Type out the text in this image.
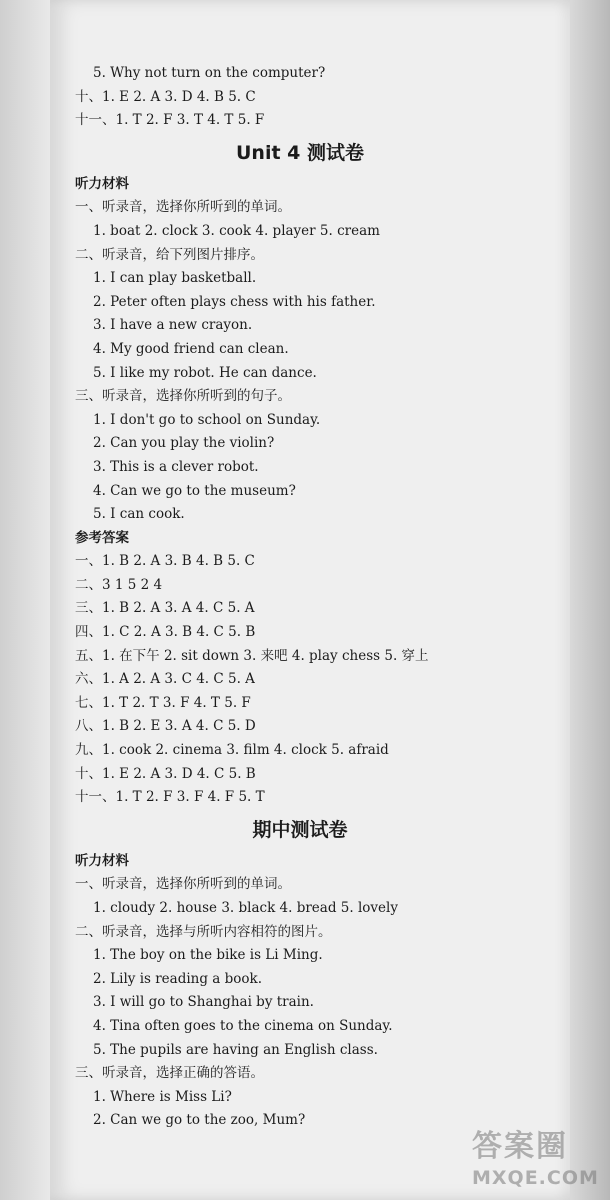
5. Why not turn on the computer?
十、1. E 2. A 3. D 4. B 5. C
十一、1. T 2. F 3. T 4. T 5. F
Unit 4 测试卷
听力材料
一、听录音，选择你所听到的单词。
1. boat 2. clock 3. cook 4. player 5. cream
二、听录音，给下列图片排序。
1. I can play basketball.
2. Peter often plays chess with his father.
3. I have a new crayon.
4. My good friend can clean.
5. I like my robot. He can dance.
三、听录音，选择你所听到的句子。
1. I don't go to school on Sunday.
2. Can you play the violin?
3. This is a clever robot.
4. Can we go to the museum?
5. I can cook.
参考答案
一、1. B 2. A 3. B 4. B 5. C
二、3 1 5 2 4
三、1. B 2. A 3. A 4. C 5. A
四、1. C 2. A 3. B 4. C 5. B
五、1. 在下午 2. sit down 3. 来吧 4. play chess 5. 穿上
六、1. A 2. A 3. C 4. C 5. A
七、1. T 2. T 3. F 4. T 5. F
八、1. B 2. E 3. A 4. C 5. D
九、1. cook 2. cinema 3. film 4. clock 5. afraid
十、1. E 2. A 3. D 4. C 5. B
十一、1. T 2. F 3. F 4. F 5. T
期中测试卷
听力材料
一、听录音，选择你所听到的单词。
1. cloudy 2. house 3. black 4. bread 5. lovely
二、听录音，选择与所听内容相符的图片。
1. The boy on the bike is Li Ming.
2. Lily is reading a book.
3. I will go to Shanghai by train.
4. Tina often goes to the cinema on Sunday.
5. The pupils are having an English class.
三、听录音，选择正确的答语。
1. Where is Miss Li?
2. Can we go to the zoo, Mum?
答案圈
MXQE.COM
